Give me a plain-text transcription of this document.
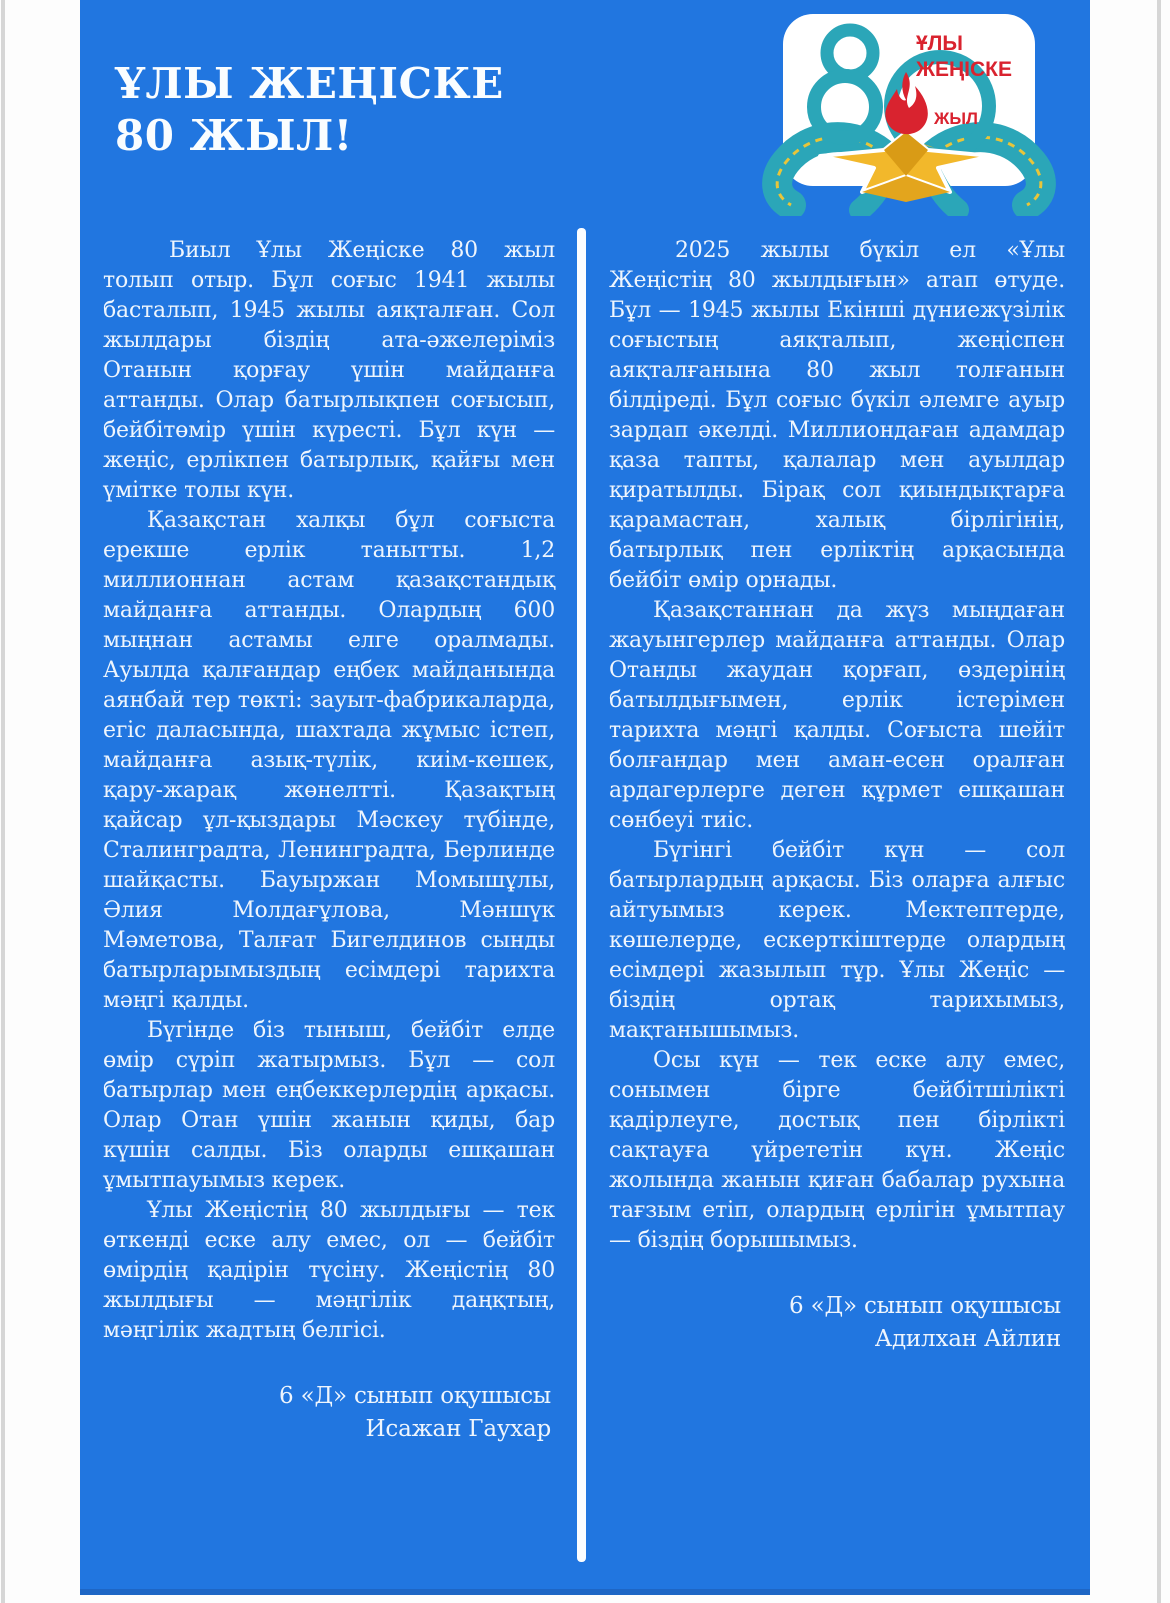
ҰЛЫ ЖЕҢІСКЕ
80 ЖЫЛ!
ҰЛЫ
ЖЕҢІСКЕ
ЖЫЛ

Биыл Ұлы Жеңіске 80 жыл толып отыр. Бұл соғыс 1941 жылы басталып, 1945 жылы аяқталған. Сол жылдары біздің ата-әжелеріміз Отанын қорғау үшін майданға аттанды. Олар батырлықпен соғысып, бейбітөмір үшін күресті. Бұл күн — жеңіс, ерлікпен батырлық, қайғы мен үмітке толы күн.

Қазақстан халқы бұл соғыста ерекше ерлік танытты. 1,2 миллионнан астам қазақстандық майданға аттанды. Олардың 600 мыңнан астамы елге оралмады. Ауылда қалғандар еңбек майданында аянбай тер төкті: зауыт-фабрикаларда, егіс даласында, шахтада жұмыс істеп, майданға азық-түлік, киім-кешек, қару-жарақ жөнелтті. Қазақтың қайсар ұл-қыздары Мәскеу түбінде, Сталинградта, Ленинградта, Берлинде шайқасты. Бауыржан Момышұлы, Әлия Молдағұлова, Мәншүк Мәметова, Талғат Бигелдинов сынды батырларымыздың есімдері тарихта мәңгі қалды.

Бүгінде біз тыныш, бейбіт елде өмір сүріп жатырмыз. Бұл — сол батырлар мен еңбеккерлердің арқасы. Олар Отан үшін жанын қиды, бар күшін салды. Біз оларды ешқашан ұмытпауымыз керек.

Ұлы Жеңістің 80 жылдығы — тек өткенді еске алу емес, ол — бейбіт өмірдің қадірін түсіну. Жеңістің 80 жылдығы — мәңгілік даңқтың, мәңгілік жадтың белгісі.

6 «Д» сынып оқушысы
Исажан Гаухар

2025 жылы бүкіл ел «Ұлы Жеңістің 80 жылдығын» атап өтуде. Бұл — 1945 жылы Екінші дүниежүзілік соғыстың аяқталып, жеңіспен аяқталғанына 80 жыл толғанын білдіреді. Бұл соғыс бүкіл әлемге ауыр зардап әкелді. Миллиондаған адамдар қаза тапты, қалалар мен ауылдар қиратылды. Бірақ сол қиындықтарға қарамастан, халық бірлігінің, батырлық пен ерліктің арқасында бейбіт өмір орнады.

Қазақстаннан да жүз мыңдаған жауынгерлер майданға аттанды. Олар Отанды жаудан қорғап, өздерінің батылдығымен, ерлік істерімен тарихта мәңгі қалды. Соғыста шейіт болғандар мен аман-есен оралған ардагерлерге деген құрмет ешқашан сөнбеуі тиіс.

Бүгінгі бейбіт күн — сол батырлардың арқасы. Біз оларға алғыс айтуымыз керек. Мектептерде, көшелерде, ескерткіштерде олардың есімдері жазылып тұр. Ұлы Жеңіс — біздің ортақ тарихымыз, мақтанышымыз.

Осы күн — тек еске алу емес, сонымен бірге бейбітшілікті қадірлеуге, достық пен бірлікті сақтауға үйрететін күн. Жеңіс жолында жанын қиған бабалар рухына тағзым етіп, олардың ерлігін ұмытпау — біздің борышымыз.

6 «Д» сынып оқушысы
Адилхан Айлин
